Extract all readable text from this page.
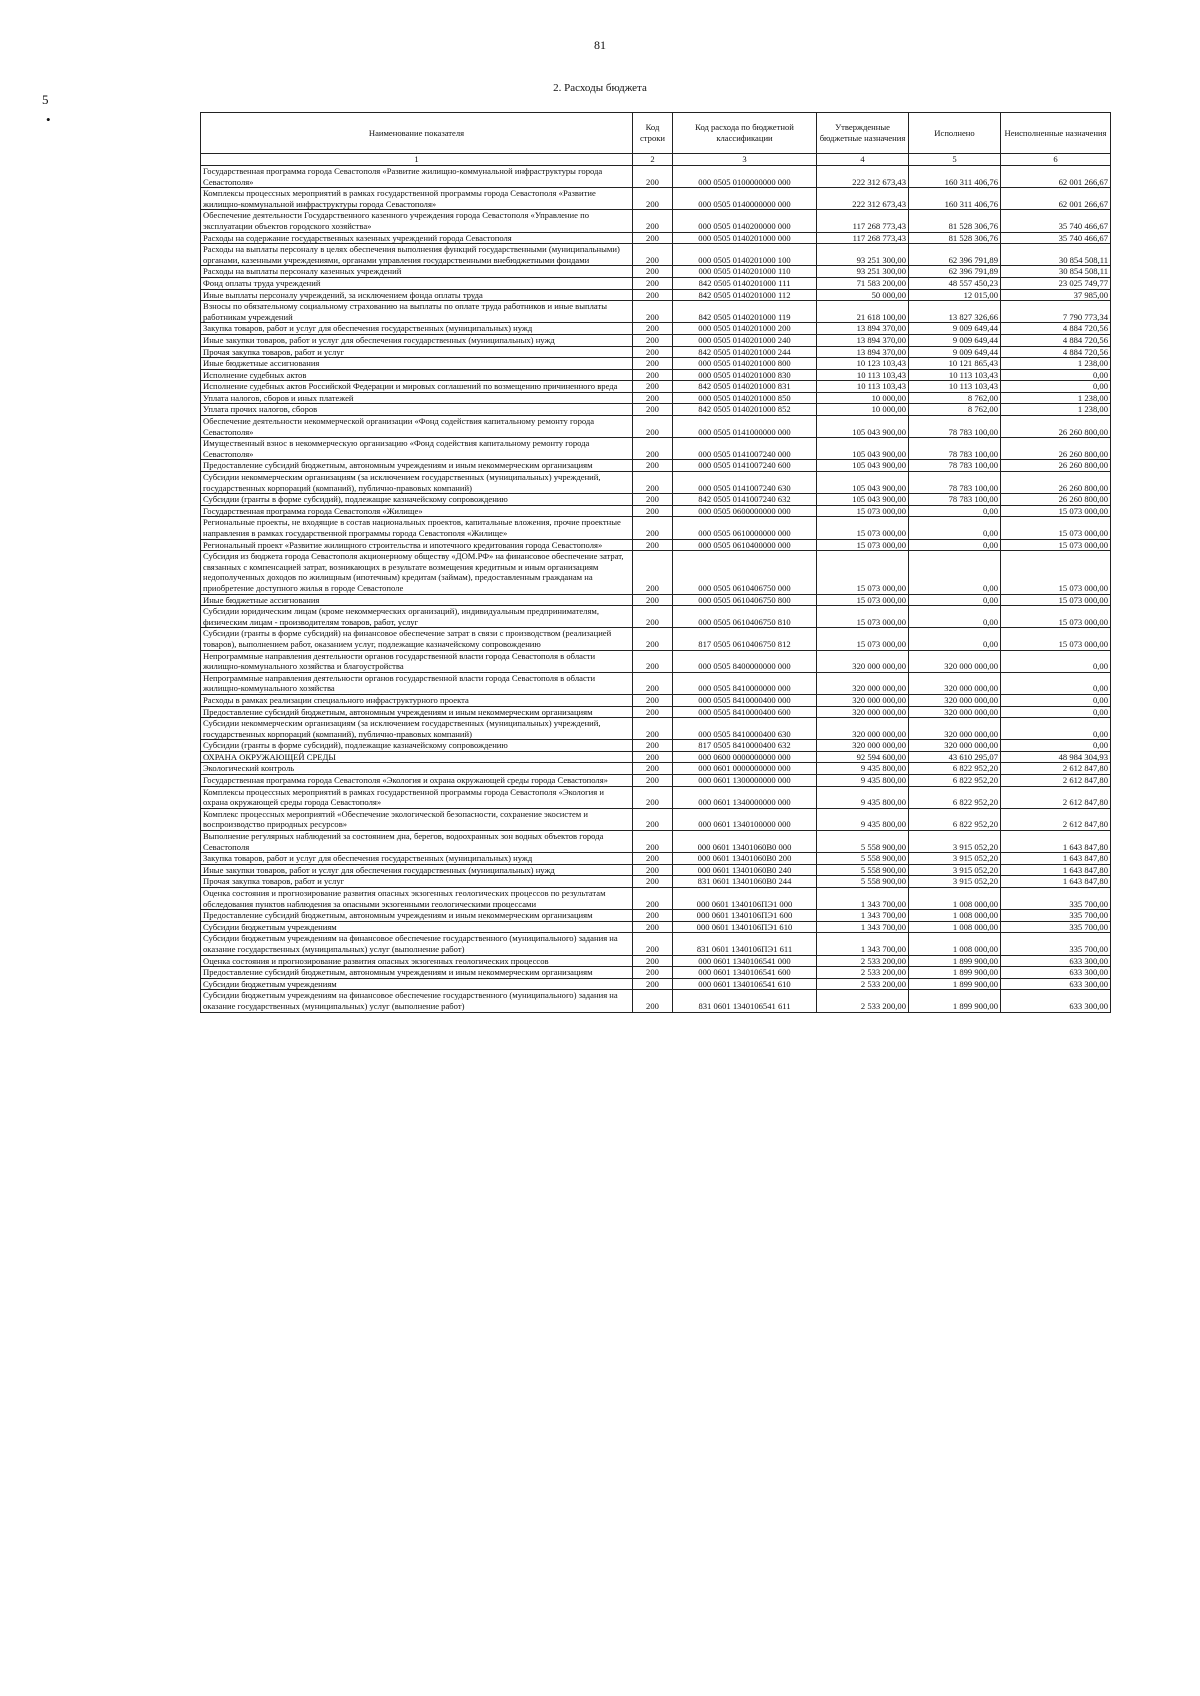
81
2. Расходы бюджета
5
•
Наименование показателя	Код строки	Код расхода по бюджетной классификации	Утвержденные бюджетные назначения	Исполнено	Неисполненные назначения
1	2	3	4	5	6
Государственная программа города Севастополя «Развитие жилищно-коммунальной инфраструктуры города Севастополя»	200	000 0505 0100000000 000	222 312 673,43	160 311 406,76	62 001 266,67
Комплексы процессных мероприятий в рамках государственной программы города Севастополя «Развитие жилищно-коммунальной инфраструктуры города Севастополя»	200	000 0505 0140000000 000	222 312 673,43	160 311 406,76	62 001 266,67
Обеспечение деятельности Государственного казенного учреждения города Севастополя «Управление по эксплуатации объектов городского хозяйства»	200	000 0505 0140200000 000	117 268 773,43	81 528 306,76	35 740 466,67
Расходы на содержание государственных казенных учреждений города Севастополя	200	000 0505 0140201000 000	117 268 773,43	81 528 306,76	35 740 466,67
Расходы на выплаты персоналу в целях обеспечения выполнения функций государственными (муниципальными) органами, казенными учреждениями, органами управления государственными внебюджетными фондами	200	000 0505 0140201000 100	93 251 300,00	62 396 791,89	30 854 508,11
Расходы на выплаты персоналу казенных учреждений	200	000 0505 0140201000 110	93 251 300,00	62 396 791,89	30 854 508,11
Фонд оплаты труда учреждений	200	842 0505 0140201000 111	71 583 200,00	48 557 450,23	23 025 749,77
Иные выплаты персоналу учреждений, за исключением фонда оплаты труда	200	842 0505 0140201000 112	50 000,00	12 015,00	37 985,00
Взносы по обязательному социальному страхованию на выплаты по оплате труда работников и иные выплаты работникам учреждений	200	842 0505 0140201000 119	21 618 100,00	13 827 326,66	7 790 773,34
Закупка товаров, работ и услуг для обеспечения государственных (муниципальных) нужд	200	000 0505 0140201000 200	13 894 370,00	9 009 649,44	4 884 720,56
Иные закупки товаров, работ и услуг для обеспечения государственных (муниципальных) нужд	200	000 0505 0140201000 240	13 894 370,00	9 009 649,44	4 884 720,56
Прочая закупка товаров, работ и услуг	200	842 0505 0140201000 244	13 894 370,00	9 009 649,44	4 884 720,56
Иные бюджетные ассигнования	200	000 0505 0140201000 800	10 123 103,43	10 121 865,43	1 238,00
Исполнение судебных актов	200	000 0505 0140201000 830	10 113 103,43	10 113 103,43	0,00
Исполнение судебных актов Российской Федерации и мировых соглашений по возмещению причиненного вреда	200	842 0505 0140201000 831	10 113 103,43	10 113 103,43	0,00
Уплата налогов, сборов и иных платежей	200	000 0505 0140201000 850	10 000,00	8 762,00	1 238,00
Уплата прочих налогов, сборов	200	842 0505 0140201000 852	10 000,00	8 762,00	1 238,00
Обеспечение деятельности некоммерческой организации «Фонд содействия капитальному ремонту города Севастополя»	200	000 0505 0141000000 000	105 043 900,00	78 783 100,00	26 260 800,00
Имущественный взнос в некоммерческую организацию «Фонд содействия капитальному ремонту города Севастополя»	200	000 0505 0141007240 000	105 043 900,00	78 783 100,00	26 260 800,00
Предоставление субсидий бюджетным, автономным учреждениям и иным некоммерческим организациям	200	000 0505 0141007240 600	105 043 900,00	78 783 100,00	26 260 800,00
Субсидии некоммерческим организациям (за исключением государственных (муниципальных) учреждений, государственных корпораций (компаний), публично-правовых компаний)	200	000 0505 0141007240 630	105 043 900,00	78 783 100,00	26 260 800,00
Субсидии (гранты в форме субсидий), подлежащие казначейскому сопровождению	200	842 0505 0141007240 632	105 043 900,00	78 783 100,00	26 260 800,00
Государственная программа города Севастополя «Жилище»	200	000 0505 0600000000 000	15 073 000,00	0,00	15 073 000,00
Региональные проекты, не входящие в состав национальных проектов, капитальные вложения, прочие проектные направления в рамках государственной программы города Севастополя «Жилище»	200	000 0505 0610000000 000	15 073 000,00	0,00	15 073 000,00
Региональный проект «Развитие жилищного строительства и ипотечного кредитования города Севастополя»	200	000 0505 0610400000 000	15 073 000,00	0,00	15 073 000,00
Субсидия из бюджета города Севастополя акционерному обществу «ДОМ.РФ» на финансовое обеспечение затрат, связанных с компенсацией затрат, возникающих в результате возмещения кредитным и иным организациям недополученных доходов по жилищным (ипотечным) кредитам (займам), предоставленным гражданам на приобретение доступного жилья в городе Севастополе	200	000 0505 0610406750 000	15 073 000,00	0,00	15 073 000,00
Иные бюджетные ассигнования	200	000 0505 0610406750 800	15 073 000,00	0,00	15 073 000,00
Субсидии юридическим лицам (кроме некоммерческих организаций), индивидуальным предпринимателям, физическим лицам - производителям товаров, работ, услуг	200	000 0505 0610406750 810	15 073 000,00	0,00	15 073 000,00
Субсидии (гранты в форме субсидий) на финансовое обеспечение затрат в связи с производством (реализацией товаров), выполнением работ, оказанием услуг, подлежащие казначейскому сопровождению	200	817 0505 0610406750 812	15 073 000,00	0,00	15 073 000,00
Непрограммные направления деятельности органов государственной власти города Севастополя в области жилищно-коммунального хозяйства и благоустройства	200	000 0505 8400000000 000	320 000 000,00	320 000 000,00	0,00
Непрограммные направления деятельности органов государственной власти города Севастополя в области жилищно-коммунального хозяйства	200	000 0505 8410000000 000	320 000 000,00	320 000 000,00	0,00
Расходы в рамках реализации специального инфраструктурного проекта	200	000 0505 8410000400 000	320 000 000,00	320 000 000,00	0,00
Предоставление субсидий бюджетным, автономным учреждениям и иным некоммерческим организациям	200	000 0505 8410000400 600	320 000 000,00	320 000 000,00	0,00
Субсидии некоммерческим организациям (за исключением государственных (муниципальных) учреждений, государственных корпораций (компаний), публично-правовых компаний)	200	000 0505 8410000400 630	320 000 000,00	320 000 000,00	0,00
Субсидии (гранты в форме субсидий), подлежащие казначейскому сопровождению	200	817 0505 8410000400 632	320 000 000,00	320 000 000,00	0,00
ОХРАНА ОКРУЖАЮЩЕЙ СРЕДЫ	200	000 0600 0000000000 000	92 594 600,00	43 610 295,07	48 984 304,93
Экологический контроль	200	000 0601 0000000000 000	9 435 800,00	6 822 952,20	2 612 847,80
Государственная программа города Севастополя «Экология и охрана окружающей среды города Севастополя»	200	000 0601 1300000000 000	9 435 800,00	6 822 952,20	2 612 847,80
Комплексы процессных мероприятий в рамках государственной программы города Севастополя «Экология и охрана окружающей среды города Севастополя»	200	000 0601 1340000000 000	9 435 800,00	6 822 952,20	2 612 847,80
Комплекс процессных мероприятий «Обеспечение экологической безопасности, сохранение экосистем и воспроизводство природных ресурсов»	200	000 0601 1340100000 000	9 435 800,00	6 822 952,20	2 612 847,80
Выполнение регулярных наблюдений за состоянием дна, берегов, водоохранных зон водных объектов города Севастополя	200	000 0601 13401060В0 000	5 558 900,00	3 915 052,20	1 643 847,80
Закупка товаров, работ и услуг для обеспечения государственных (муниципальных) нужд	200	000 0601 13401060В0 200	5 558 900,00	3 915 052,20	1 643 847,80
Иные закупки товаров, работ и услуг для обеспечения государственных (муниципальных) нужд	200	000 0601 13401060В0 240	5 558 900,00	3 915 052,20	1 643 847,80
Прочая закупка товаров, работ и услуг	200	831 0601 13401060В0 244	5 558 900,00	3 915 052,20	1 643 847,80
Оценка состояния и прогнозирование развития опасных экзогенных геологических процессов по результатам обследования пунктов наблюдения за опасными экзогенными геологическими процессами	200	000 0601 1340106ПЭ1 000	1 343 700,00	1 008 000,00	335 700,00
Предоставление субсидий бюджетным, автономным учреждениям и иным некоммерческим организациям	200	000 0601 1340106ПЭ1 600	1 343 700,00	1 008 000,00	335 700,00
Субсидии бюджетным учреждениям	200	000 0601 1340106ПЭ1 610	1 343 700,00	1 008 000,00	335 700,00
Субсидии бюджетным учреждениям на финансовое обеспечение государственного (муниципального) задания на оказание государственных (муниципальных) услуг (выполнение работ)	200	831 0601 1340106ПЭ1 611	1 343 700,00	1 008 000,00	335 700,00
Оценка состояния и прогнозирование развития опасных экзогенных геологических процессов	200	000 0601 1340106541 000	2 533 200,00	1 899 900,00	633 300,00
Предоставление субсидий бюджетным, автономным учреждениям и иным некоммерческим организациям	200	000 0601 1340106541 600	2 533 200,00	1 899 900,00	633 300,00
Субсидии бюджетным учреждениям	200	000 0601 1340106541 610	2 533 200,00	1 899 900,00	633 300,00
Субсидии бюджетным учреждениям на финансовое обеспечение государственного (муниципального) задания на оказание государственных (муниципальных) услуг (выполнение работ)	200	831 0601 1340106541 611	2 533 200,00	1 899 900,00	633 300,00
